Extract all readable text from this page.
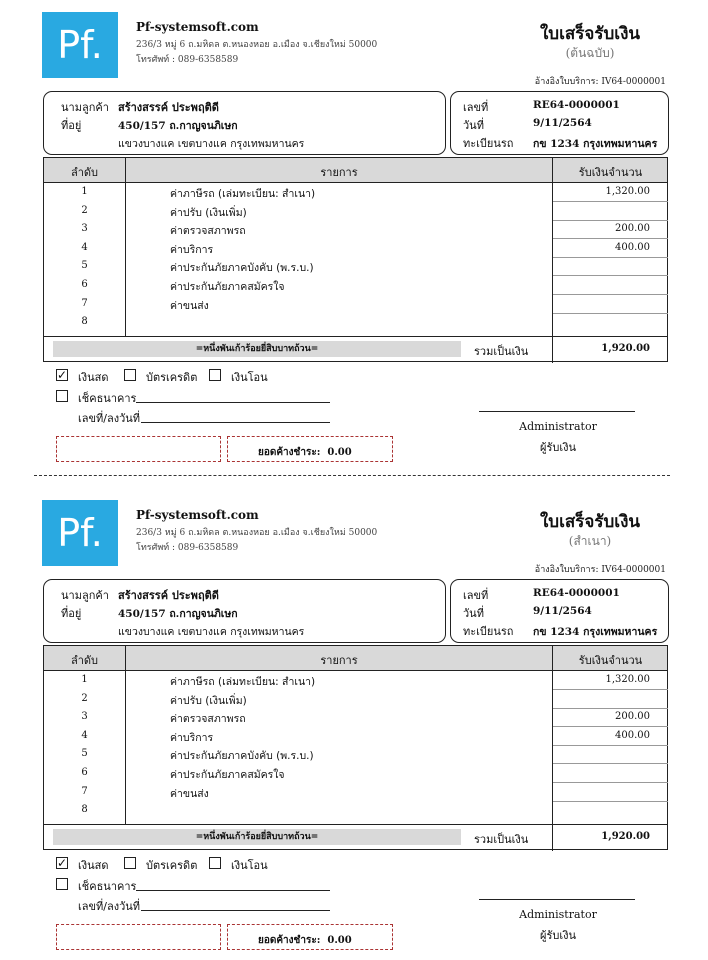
Pf.	Pf-systemsoft.com
236/3 หมู่ 6 ถ.มหิดล ต.หนองหอย อ.เมือง จ.เชียงใหม่ 50000
โทรศัพท์ : 089-6358589
ใบเสร็จรับเงิน
(ต้นฉบับ)
อ้างอิงใบบริการ: IV64-0000001
นามลูกค้า สร้างสรรค์ ประพฤติดี
ที่อยู่	450/157 ถ.กาญจนภิเษก
แขวงบางแค เขตบางแค กรุงเทพมหานคร
เลขที่	RE64-0000001
วันที่	9/11/2564
ทะเบียนรถ กข 1234 กรุงเทพมหานคร
ลำดับ	รายการ	รับเงินจำนวน
1	ค่าภาษีรถ (เล่มทะเบียน: สำเนา)	1,320.00
2	ค่าปรับ (เงินเพิ่ม)
3	ค่าตรวจสภาพรถ	200.00
4	ค่าบริการ	400.00
5	ค่าประกันภัยภาคบังคับ (พ.ร.บ.)
6	ค่าประกันภัยภาคสมัครใจ
7	ค่าขนส่ง
8
=หนึ่งพันเก้าร้อยยี่สิบบาทถ้วน=	รวมเป็นเงิน	1,920.00
✓ เงินสด	บัตรเครดิต	เงินโอน
เช็คธนาคาร
เลขที่/ลงวันที่
ยอดค้างชำระ: 0.00
Administrator
ผู้รับเงิน
Pf.	Pf-systemsoft.com
236/3 หมู่ 6 ถ.มหิดล ต.หนองหอย อ.เมือง จ.เชียงใหม่ 50000
โทรศัพท์ : 089-6358589
ใบเสร็จรับเงิน
(สำเนา)
อ้างอิงใบบริการ: IV64-0000001
นามลูกค้า สร้างสรรค์ ประพฤติดี
ที่อยู่	450/157 ถ.กาญจนภิเษก
แขวงบางแค เขตบางแค กรุงเทพมหานคร
เลขที่	RE64-0000001
วันที่	9/11/2564
ทะเบียนรถ กข 1234 กรุงเทพมหานคร
ลำดับ	รายการ	รับเงินจำนวน
1	ค่าภาษีรถ (เล่มทะเบียน: สำเนา)	1,320.00
2	ค่าปรับ (เงินเพิ่ม)
3	ค่าตรวจสภาพรถ	200.00
4	ค่าบริการ	400.00
5	ค่าประกันภัยภาคบังคับ (พ.ร.บ.)
6	ค่าประกันภัยภาคสมัครใจ
7	ค่าขนส่ง
8
=หนึ่งพันเก้าร้อยยี่สิบบาทถ้วน=	รวมเป็นเงิน	1,920.00
✓ เงินสด	บัตรเครดิต	เงินโอน
เช็คธนาคาร
เลขที่/ลงวันที่
ยอดค้างชำระ: 0.00
Administrator
ผู้รับเงิน
